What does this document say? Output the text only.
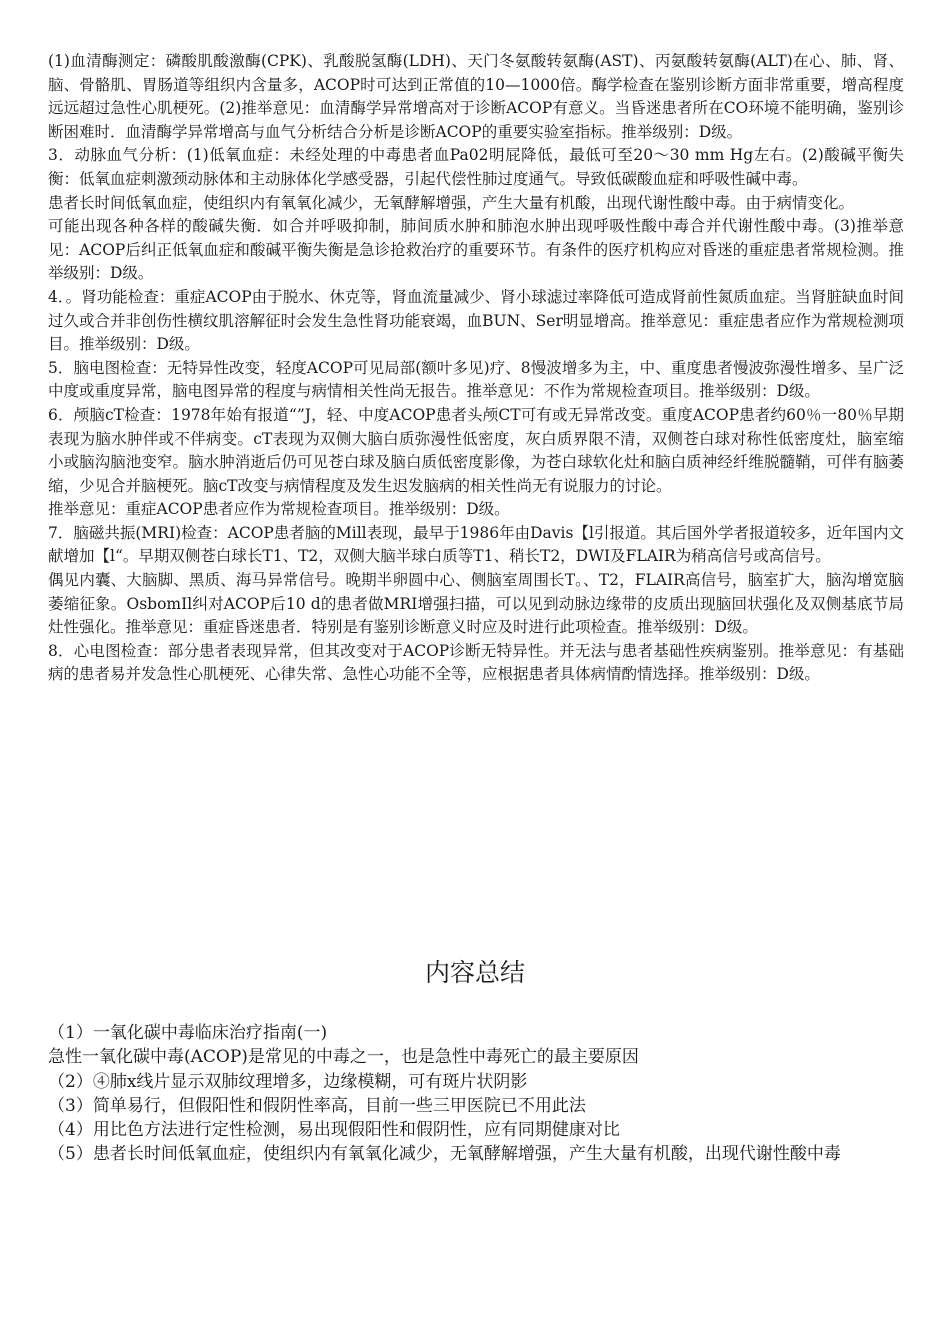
(1)血清酶测定：磷酸肌酸激酶(CPK)、乳酸脱氢酶(LDH)、天门冬氨酸转氨酶(AST)、丙氨酸转氨酶(ALT)在心、肺、肾、脑、骨骼肌、胃肠道等组织内含量多，ACOP时可达到正常值的10—1000倍。酶学检查在鉴别诊断方面非常重要，增高程度远远超过急性心肌梗死。(2)推举意见：血清酶学异常增高对于诊断ACOP有意义。当昏迷患者所在CO环境不能明确，鉴别诊断困难时．血清酶学异常增高与血气分析结合分析是诊断ACOP的重要实验室指标。推举级别：D级。

3．动脉血气分析：(1)低氧血症：未经处理的中毒患者血Pa02明屁降低，最低可至20～30 mm Hg左右。(2)酸碱平衡失衡：低氧血症刺激颈动脉体和主动脉体化学感受器，引起代偿性肺过度通气。导致低碳酸血症和呼吸性碱中毒。

患者长时间低氧血症，使组织内有氧氧化减少，无氧酵解增强，产生大量有机酸，出现代谢性酸中毒。由于病情变化。

可能出现各种各样的酸碱失衡．如合并呼吸抑制，肺间质水肿和肺泡水肿出现呼吸性酸中毒合并代谢性酸中毒。(3)推举意见：ACOP后纠正低氧血症和酸碱平衡失衡是急诊抢救治疗的重要环节。有条件的医疗机构应对昏迷的重症患者常规检测。推举级别：D级。

4．。肾功能检查：重症ACOP由于脱水、休克等，肾血流量减少、肾小球滤过率降低可造成肾前性氮质血症。当肾脏缺血时间过久或合并非创伤性横纹肌溶解征时会发生急性肾功能衰竭，血BUN、Ser明显增高。推举意见：重症患者应作为常规检测项目。推举级别：D级。

5．脑电图检查：无特异性改变，轻度ACOP可见局部(额叶多见)疗、8慢波增多为主，中、重度患者慢波弥漫性增多、呈广泛中度或重度异常，脑电图异常的程度与病情相关性尚无报告。推举意见：不作为常规检查项目。推举级别：D级。

6．颅脑cT检查：1978年始有报道“”J，轻、中度ACOP患者头颅CT可有或无异常改变。重度ACOP患者约60％一80％早期表现为脑水肿伴或不伴病变。cT表现为双侧大脑白质弥漫性低密度，灰白质界限不清，双侧苍白球对称性低密度灶，脑室缩小或脑沟脑池变窄。脑水肿消逝后仍可见苍白球及脑白质低密度影像，为苍白球软化灶和脑白质神经纤维脱髓鞘，可伴有脑萎缩，少见合并脑梗死。脑cT改变与病情程度及发生迟发脑病的相关性尚无有说服力的讨论。

推举意见：重症ACOP患者应作为常规检查项目。推举级别：D级。

7．脑磁共振(MRI)检查：ACOP患者脑的Mill表现，最早于1986年由Davis【l引报道。其后国外学者报道较多，近年国内文献增加【l“。早期双侧苍白球长T1、T2，双侧大脑半球白质等T1、稍长T2，DWI及FLAIR为稍高信号或高信号。

偶见内囊、大脑脚、黑质、海马异常信号。晚期半卵圆中心、侧脑室周围长T。、T2，FLAIR高信号，脑室扩大，脑沟增宽脑萎缩征象。OsbomIl纠对ACOP后10 d的患者做MRI增强扫描，可以见到动脉边缘带的皮质出现脑回状强化及双侧基底节局灶性强化。推举意见：重症昏迷患者．特别是有鉴别诊断意义时应及时进行此项检查。推举级别：D级。

8．心电图检查：部分患者表现异常，但其改变对于ACOP诊断无特异性。并无法与患者基础性疾病鉴别。推举意见：有基础病的患者易并发急性心肌梗死、心律失常、急性心功能不全等，应根据患者具体病情酌情选择。推举级别：D级。

内容总结

（1）一氧化碳中毒临床治疗指南(一)

急性一氧化碳中毒(ACOP)是常见的中毒之一，也是急性中毒死亡的最主要原因

（2）④肺x线片显示双肺纹理增多，边缘模糊，可有斑片状阴影

（3）简单易行，但假阳性和假阴性率高，目前一些三甲医院已不用此法

（4）用比色方法进行定性检测，易出现假阳性和假阴性，应有同期健康对比

（5）患者长时间低氧血症，使组织内有氧氧化减少，无氧酵解增强，产生大量有机酸，出现代谢性酸中毒
